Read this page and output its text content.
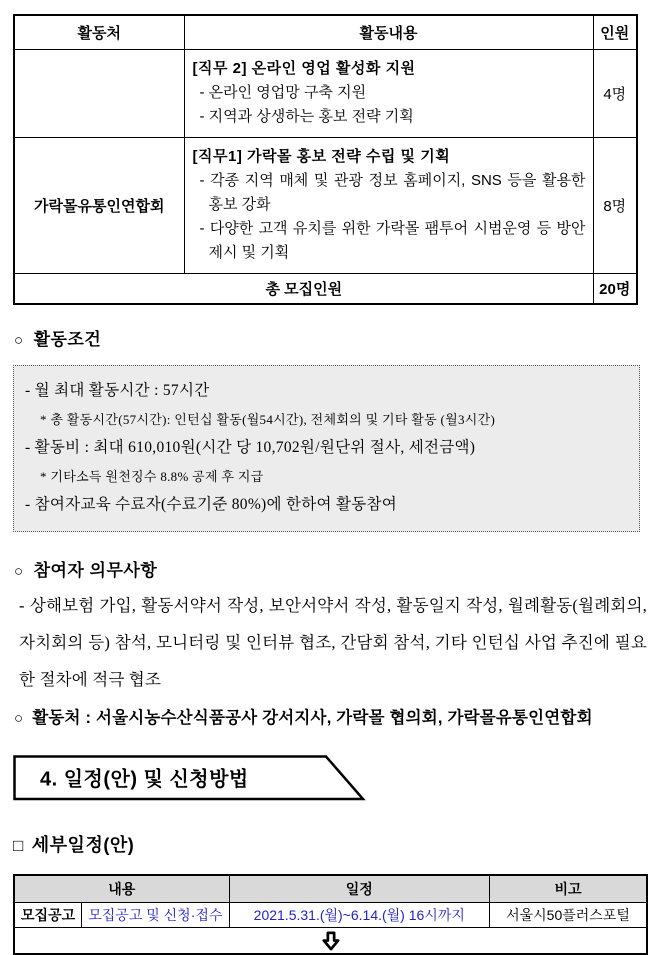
활동처	활동내용	인원

	[직무 2] 온라인 영업 활성화 지원
- 온라인 영업망 구축 지원
- 지역과 상생하는 홍보 전략 기획	4명
가락몰유통인연합회	[직무1] 가락몰 홍보 전략 수립 및 기획
- 각종 지역 매체 및 관광 정보 홈페이지, SNS 등을 활용한 홍보 강화
- 다양한 고객 유치를 위한 가락몰 팸투어 시범운영 등 방안 제시 및 기획	8명
총 모집인원		20명
○ 활동조건
- 월 최대 활동시간 : 57시간
* 총 활동시간(57시간): 인턴십 활동(월54시간), 전체회의 및 기타 활동 (월3시간)
- 활동비 : 최대 610,010원(시간 당 10,702원/원단위 절사, 세전금액)
* 기타소득 원천징수 8.8% 공제 후 지급
- 참여자교육 수료자(수료기준 80%)에 한하여 활동참여
○ 참여자 의무사항
- 상해보험 가입, 활동서약서 작성, 보안서약서 작성, 활동일지 작성, 월례활동(월례회의, 자치회의 등) 참석, 모니터링 및 인터뷰 협조, 간담회 참석, 기타 인턴십 사업 추진에 필요한 절차에 적극 협조
○ 활동처 : 서울시농수산식품공사 강서지사, 가락몰 협의회, 가락몰유통인연합회
4. 일정(안) 및 신청방법
□ 세부일정(안)
내용		일정	비고
모집공고	모집공고 및 신청·접수	2021.5.31.(월)~6.14.(월) 16시까지	서울시50플러스포털
